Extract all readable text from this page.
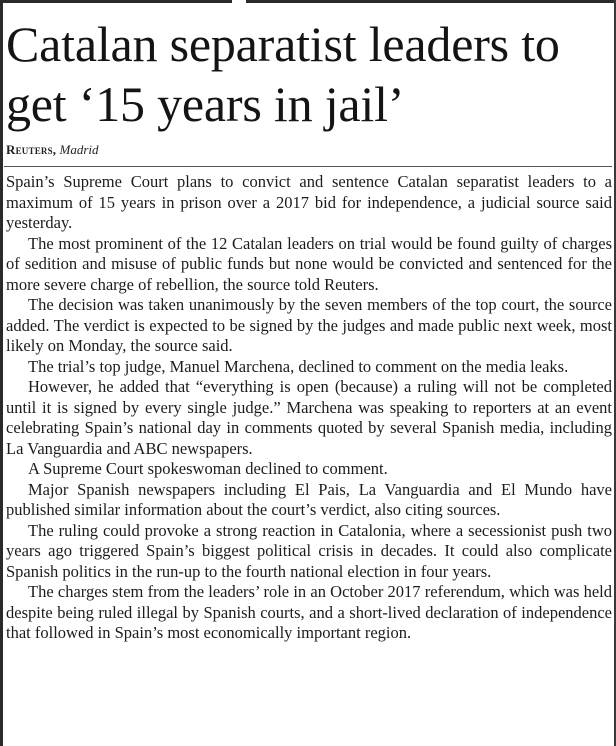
Catalan separatist leaders to get ‘15 years in jail’
Reuters, Madrid

Spain’s Supreme Court plans to convict and sentence Catalan separatist leaders to a maximum of 15 years in prison over a 2017 bid for independence, a judicial source said yesterday.

The most prominent of the 12 Catalan leaders on trial would be found guilty of charges of sedition and misuse of public funds but none would be convicted and sentenced for the more severe charge of rebellion, the source told Reuters.

The decision was taken unanimously by the seven members of the top court, the source added. The verdict is expected to be signed by the judges and made public next week, most likely on Monday, the source said.

The trial’s top judge, Manuel Marchena, declined to comment on the media leaks.

However, he added that “everything is open (because) a ruling will not be completed until it is signed by every single judge.” Marchena was speaking to reporters at an event celebrating Spain’s national day in comments quoted by several Spanish media, including La Vanguardia and ABC newspapers.

A Supreme Court spokeswoman declined to comment.

Major Spanish newspapers including El Pais, La Vanguardia and El Mundo have published similar information about the court’s verdict, also citing sources.

The ruling could provoke a strong reaction in Catalonia, where a secessionist push two years ago triggered Spain’s biggest political crisis in decades. It could also complicate Spanish politics in the run-up to the fourth national election in four years.

The charges stem from the leaders’ role in an October 2017 referendum, which was held despite being ruled illegal by Spanish courts, and a short-lived declaration of independence that followed in Spain’s most economically important region.
